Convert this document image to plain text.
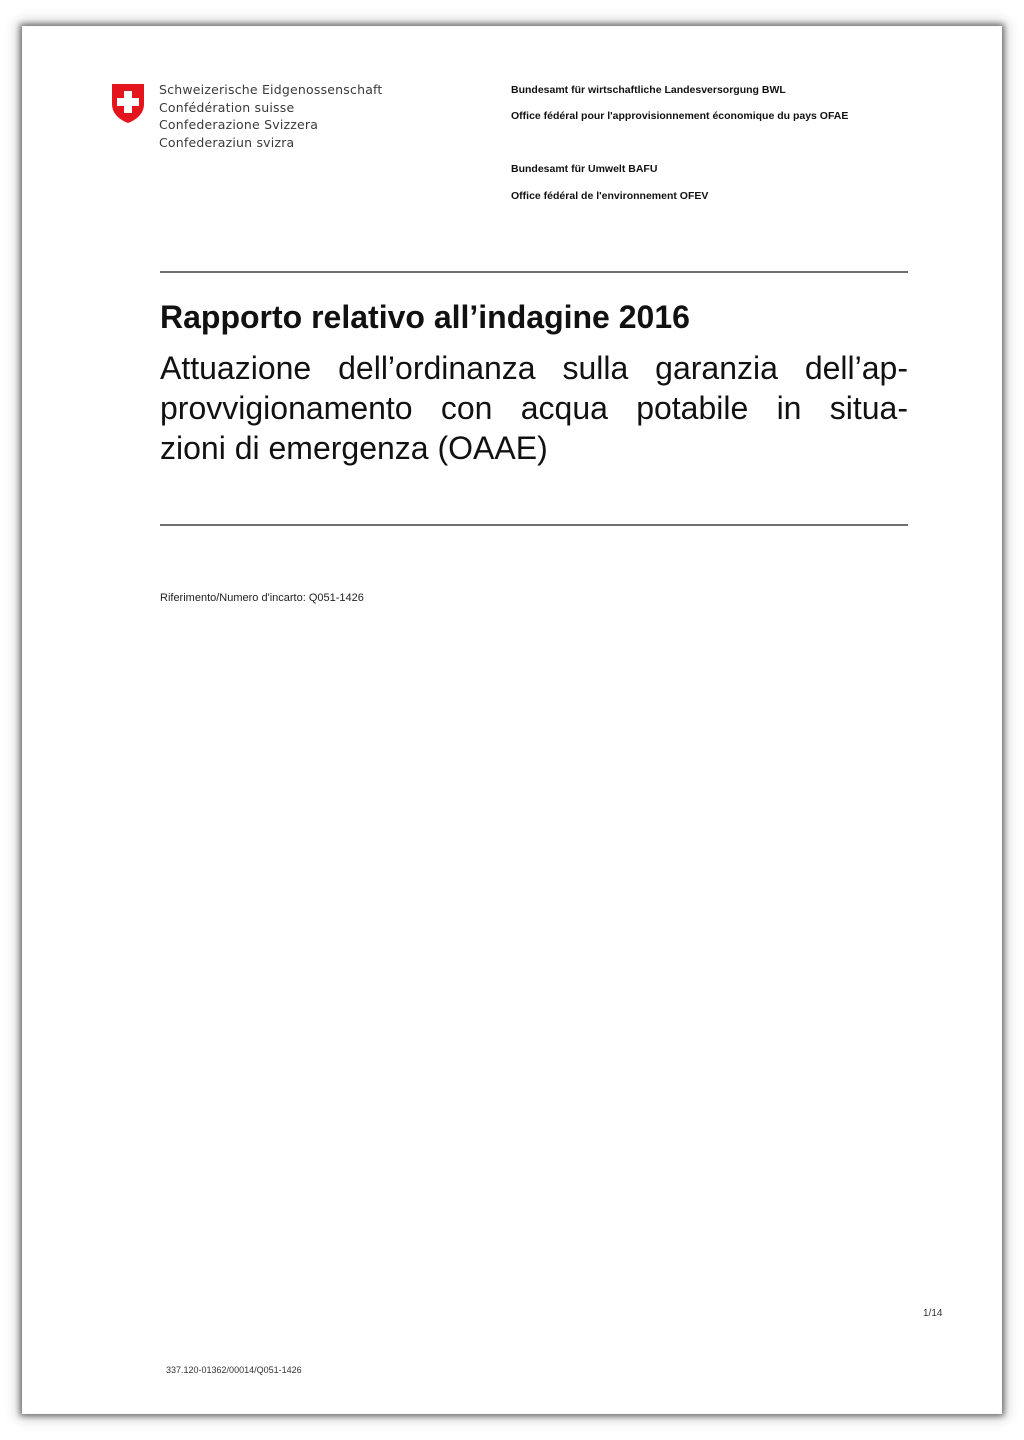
Schweizerische Eidgenossenschaft
Confédération suisse
Confederazione Svizzera
Confederaziun svizra
Bundesamt für wirtschaftliche Landesversorgung BWL
Office fédéral pour l'approvisionnement économique du pays OFAE
Bundesamt für Umwelt BAFU
Office fédéral de l'environnement OFEV
Rapporto relativo all’indagine 2016
Attuazione dell’ordinanza sulla garanzia dell’ap-
provvigionamento con acqua potabile in situa-
zioni di emergenza (OAAE)
Riferimento/Numero d'incarto: Q051-1426
1/14
337.120-01362/00014/Q051-1426
